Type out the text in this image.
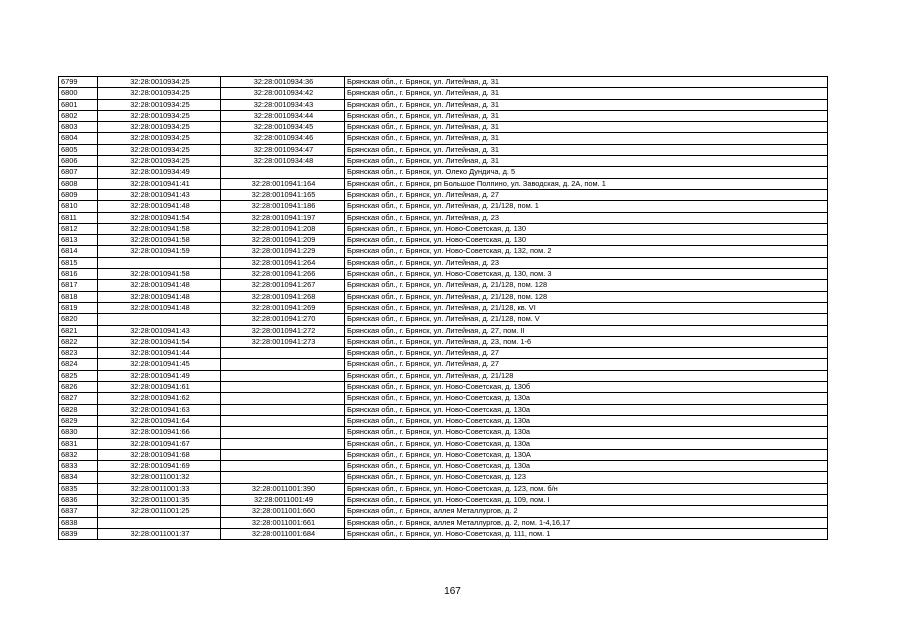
6799	32:28:0010934:25	32:28:0010934:36	Брянская обл., г. Брянск, ул. Литейная, д. 31
6800	32:28:0010934:25	32:28:0010934:42	Брянская обл., г. Брянск, ул. Литейная, д. 31
6801	32:28:0010934:25	32:28:0010934:43	Брянская обл., г. Брянск, ул. Литейная, д. 31
6802	32:28:0010934:25	32:28:0010934:44	Брянская обл., г. Брянск, ул. Литейная, д. 31
6803	32:28:0010934:25	32:28:0010934:45	Брянская обл., г. Брянск, ул. Литейная, д. 31
6804	32:28:0010934:25	32:28:0010934:46	Брянская обл., г. Брянск, ул. Литейная, д. 31
6805	32:28:0010934:25	32:28:0010934:47	Брянская обл., г. Брянск, ул. Литейная, д. 31
6806	32:28:0010934:25	32:28:0010934:48	Брянская обл., г. Брянск, ул. Литейная, д. 31
6807	32:28:0010934:49		Брянская обл., г. Брянск, ул. Олеко Дундича, д. 5
6808	32:28:0010941:41	32:28:0010941:164	Брянская обл., г. Брянск, рп Большое Полпино, ул. Заводская, д. 2А, пом. 1
6809	32:28:0010941:43	32:28:0010941:165	Брянская обл., г. Брянск, ул. Литейная, д. 27
6810	32:28:0010941:48	32:28:0010941:186	Брянская обл., г. Брянск, ул. Литейная, д. 21/128, пом. 1
6811	32:28:0010941:54	32:28:0010941:197	Брянская обл., г. Брянск, ул. Литейная, д. 23
6812	32:28:0010941:58	32:28:0010941:208	Брянская обл., г. Брянск, ул. Ново-Советская, д. 130
6813	32:28:0010941:58	32:28:0010941:209	Брянская обл., г. Брянск, ул. Ново-Советская, д. 130
6814	32:28:0010941:59	32:28:0010941:229	Брянская обл., г. Брянск, ул. Ново-Советская, д. 132, пом. 2
6815		32:28:0010941:264	Брянская обл., г. Брянск, ул. Литейная, д. 23
6816	32:28:0010941:58	32:28:0010941:266	Брянская обл., г. Брянск, ул. Ново-Советская, д. 130, пом. 3
6817	32:28:0010941:48	32:28:0010941:267	Брянская обл., г. Брянск, ул. Литейная, д. 21/128, пом. 128
6818	32:28:0010941:48	32:28:0010941:268	Брянская обл., г. Брянск, ул. Литейная, д. 21/128, пом. 128
6819	32:28:0010941:48	32:28:0010941:269	Брянская обл., г. Брянск, ул. Литейная, д. 21/128, кв. VI
6820		32:28:0010941:270	Брянская обл., г. Брянск, ул. Литейная, д. 21/128, пом. V
6821	32:28:0010941:43	32:28:0010941:272	Брянская обл., г. Брянск, ул. Литейная, д. 27, пом. II
6822	32:28:0010941:54	32:28:0010941:273	Брянская обл., г. Брянск, ул. Литейная, д. 23, пом. 1-6
6823	32:28:0010941:44		Брянская обл., г. Брянск, ул. Литейная, д. 27
6824	32:28:0010941:45		Брянская обл., г. Брянск, ул. Литейная, д. 27
6825	32:28:0010941:49		Брянская обл., г. Брянск, ул. Литейная, д. 21/128
6826	32:28:0010941:61		Брянская обл., г. Брянск, ул. Ново-Советская, д. 130б
6827	32:28:0010941:62		Брянская обл., г. Брянск, ул. Ново-Советская, д. 130а
6828	32:28:0010941:63		Брянская обл., г. Брянск, ул. Ново-Советская, д. 130а
6829	32:28:0010941:64		Брянская обл., г. Брянск, ул. Ново-Советская, д. 130а
6830	32:28:0010941:66		Брянская обл., г. Брянск, ул. Ново-Советская, д. 130а
6831	32:28:0010941:67		Брянская обл., г. Брянск, ул. Ново-Советская, д. 130а
6832	32:28:0010941:68		Брянская обл., г. Брянск, ул. Ново-Советская, д. 130А
6833	32:28:0010941:69		Брянская обл., г. Брянск, ул. Ново-Советская, д. 130а
6834	32:28:0011001:32		Брянская обл., г. Брянск, ул. Ново-Советская, д. 123
6835	32:28:0011001:33	32:28:0011001:390	Брянская обл., г. Брянск, ул. Ново-Советская, д. 123, пом. б/н
6836	32:28:0011001:35	32:28:0011001:49	Брянская обл., г. Брянск, ул. Ново-Советская, д. 109, пом. I
6837	32:28:0011001:25	32:28:0011001:660	Брянская обл., г. Брянск, аллея Металлургов, д. 2
6838		32:28:0011001:661	Брянская обл., г. Брянск, аллея Металлургов, д. 2, пом. 1-4,16,17
6839	32:28:0011001:37	32:28:0011001:684	Брянская обл., г. Брянск, ул. Ново-Советская, д. 111, пом. 1
167
